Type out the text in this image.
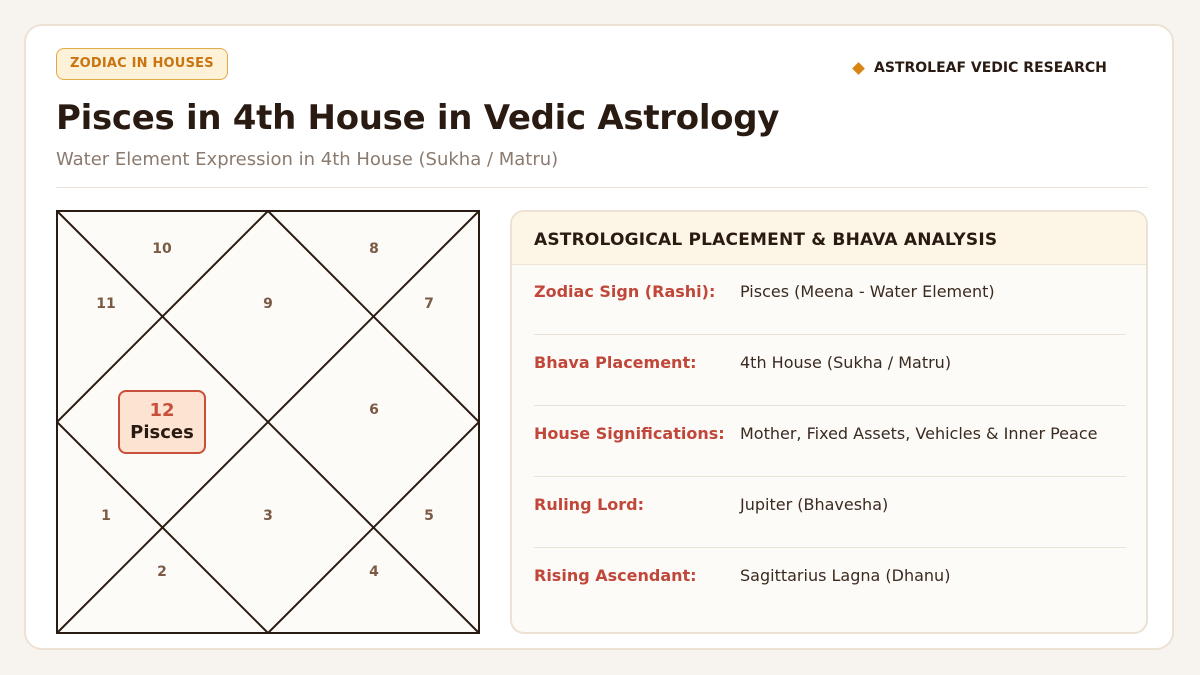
ZODIAC IN HOUSES	ASTROLEAF VEDIC RESEARCH
Pisces in 4th House in Vedic Astrology
Water Element Expression in 4th House (Sukha / Matru)
10
11	9
8
7
6
1	3	5
2	4
12
Pisces
ASTROLOGICAL PLACEMENT & BHAVA ANALYSIS
Zodiac Sign (Rashi): Pisces (Meena - Water Element)
Bhava Placement:	4th House (Sukha / Matru)
House Significations: Mother, Fixed Assets, Vehicles & Inner Peace
Ruling Lord:	Jupiter (Bhavesha)
Rising Ascendant:	Sagittarius Lagna (Dhanu)
